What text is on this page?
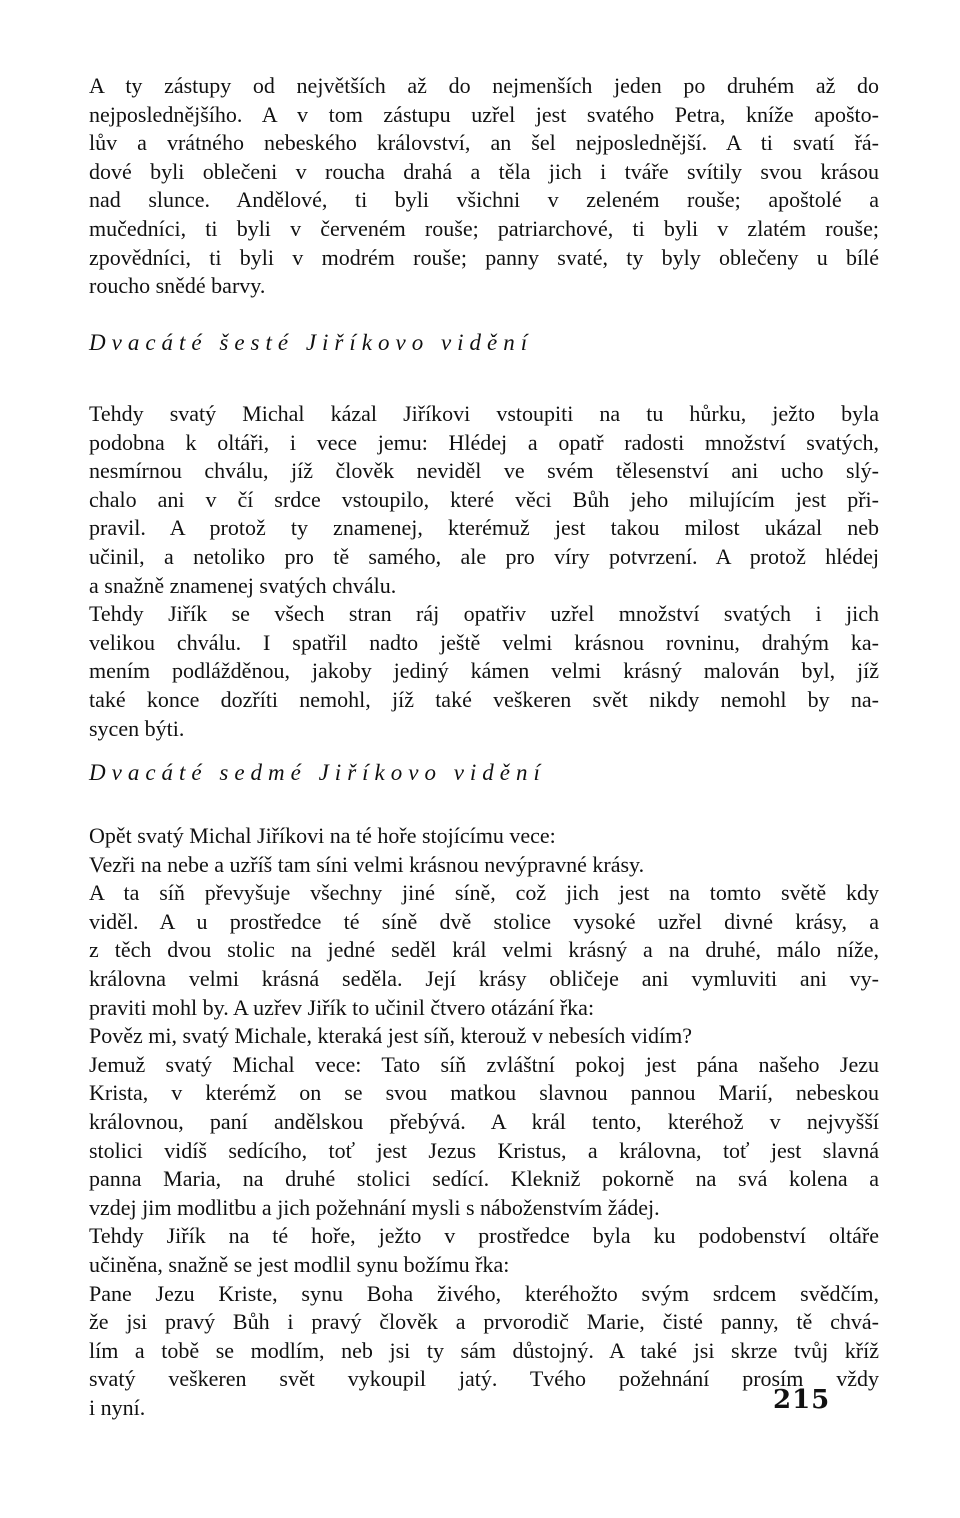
A ty zástupy od největších až do nejmenších jeden po druhém až do
nejposlednějšího. A v tom zástupu uzřel jest svatého Petra, kníže apošto-
lův a vrátného nebeského království, an šel nejposlednější. A ti svatí řá-
dové byli oblečeni v roucha drahá a těla jich i tváře svítily svou krásou
nad slunce. Andělové, ti byli všichni v zeleném rouše; apoštolé a
mučedníci, ti byli v červeném rouše; patriarchové, ti byli v zlatém rouše;
zpovědníci, ti byli v modrém rouše; panny svaté, ty byly oblečeny u bílé
roucho snědé barvy.
Dvacáté šesté Jiříkovo vidění
Tehdy svatý Michal kázal Jiříkovi vstoupiti na tu hůrku, ježto byla
podobna k oltáři, i vece jemu: Hlédej a opatř radosti množství svatých,
nesmírnou chválu, jíž člověk neviděl ve svém tělesenství ani ucho slý-
chalo ani v čí srdce vstoupilo, které věci Bůh jeho milujícím jest při-
pravil. A protož ty znamenej, kterémuž jest takou milost ukázal neb
učinil, a netoliko pro tě samého, ale pro víry potvrzení. A protož hlédej
a snažně znamenej svatých chválu.
Tehdy Jiřík se všech stran ráj opatřiv uzřel množství svatých i jich
velikou chválu. I spatřil nadto ještě velmi krásnou rovninu, drahým ka-
mením podlážděnou, jakoby jediný kámen velmi krásný malován byl, jíž
také konce dozříti nemohl, jíž také veškeren svět nikdy nemohl by na-
sycen býti.
Dvacáté sedmé Jiříkovo vidění
Opět svatý Michal Jiříkovi na té hoře stojícímu vece:
Vezři na nebe a uzříš tam síni velmi krásnou nevýpravné krásy.
A ta síň převyšuje všechny jiné síně, což jich jest na tomto světě kdy
viděl. A u prostředce té síně dvě stolice vysoké uzřel divné krásy, a
z těch dvou stolic na jedné seděl král velmi krásný a na druhé, málo níže,
královna velmi krásná seděla. Její krásy obličeje ani vymluviti ani vy-
praviti mohl by. A uzřev Jiřík to učinil čtvero otázání řka:
Pověz mi, svatý Michale, kteraká jest síň, kterouž v nebesích vidím?
Jemuž svatý Michal vece: Tato síň zvláštní pokoj jest pána našeho Jezu
Krista, v kterémž on se svou matkou slavnou pannou Marií, nebeskou
královnou, paní andělskou přebývá. A král tento, kteréhož v nejvyšší
stolici vidíš sedícího, toť jest Jezus Kristus, a královna, toť jest slavná
panna Maria, na druhé stolici sedící. Klekniž pokorně na svá kolena a
vzdej jim modlitbu a jich požehnání mysli s náboženstvím žádej.
Tehdy Jiřík na té hoře, ježto v prostředce byla ku podobenství oltáře
učiněna, snažně se jest modlil synu božímu řka:
Pane Jezu Kriste, synu Boha živého, kteréhožto svým srdcem svědčím,
že jsi pravý Bůh i pravý člověk a prvorodič Marie, čisté panny, tě chvá-
lím a tobě se modlím, neb jsi ty sám důstojný. A také jsi skrze tvůj kříž
svatý veškeren svět vykoupil jatý. Tvého požehnání prosím vždy
i nyní.	215
